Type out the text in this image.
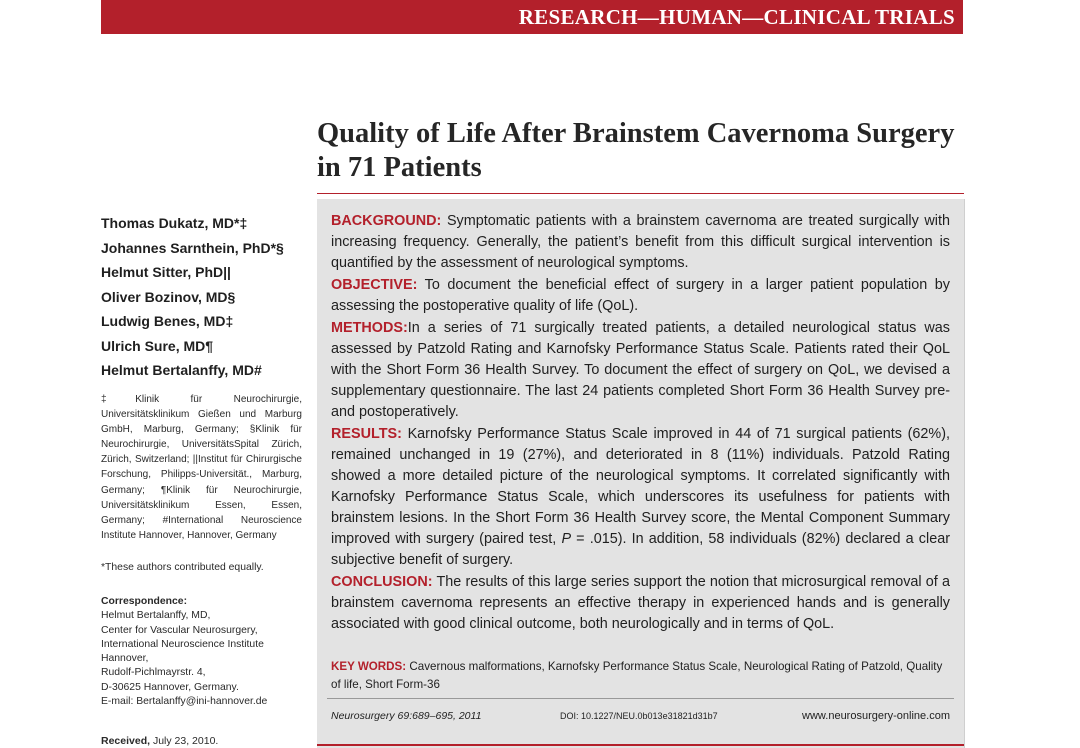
RESEARCH—HUMAN—CLINICAL TRIALS
Quality of Life After Brainstem Cavernoma Surgery in 71 Patients
Thomas Dukatz, MD*‡
Johannes Sarnthein, PhD*§
Helmut Sitter, PhD||
Oliver Bozinov, MD§
Ludwig Benes, MD‡
Ulrich Sure, MD¶
Helmut Bertalanffy, MD#

‡Klinik für Neurochirurgie, Universitätsklinikum Gießen und Marburg GmbH, Marburg, Germany; §Klinik für Neurochirurgie, UniversitätsSpital Zürich, Zürich, Switzerland; ||Institut für Chirurgische Forschung, Philipps-Universität., Marburg, Germany; ¶Klinik für Neurochirurgie, Universitätsklinikum Essen, Essen, Germany; #International Neuroscience Institute Hannover, Hannover, Germany

*These authors contributed equally.

Correspondence:
Helmut Bertalanffy, MD,
Center for Vascular Neurosurgery,
International Neuroscience Institute
Hannover,
Rudolf-Pichlmayrstr. 4,
D-30625 Hannover, Germany.
E-mail: Bertalanffy@ini-hannover.de
Received, July 23, 2010.

BACKGROUND: Symptomatic patients with a brainstem cavernoma are treated surgically with increasing frequency. Generally, the patient’s benefit from this difficult surgical intervention is quantified by the assessment of neurological symptoms.

OBJECTIVE: To document the beneficial effect of surgery in a larger patient population by assessing the postoperative quality of life (QoL).

METHODS:In a series of 71 surgically treated patients, a detailed neurological status was assessed by Patzold Rating and Karnofsky Performance Status Scale. Patients rated their QoL with the Short Form 36 Health Survey. To document the effect of surgery on QoL, we devised a supplementary questionnaire. The last 24 patients completed Short Form 36 Health Survey pre- and postoperatively.

RESULTS: Karnofsky Performance Status Scale improved in 44 of 71 surgical patients (62%), remained unchanged in 19 (27%), and deteriorated in 8 (11%) individuals. Patzold Rating showed a more detailed picture of the neurological symptoms. It correlated significantly with Karnofsky Performance Status Scale, which underscores its usefulness for patients with brainstem lesions. In the Short Form 36 Health Survey score, the Mental Component Summary improved with surgery (paired test, P = .015). In addition, 58 individuals (82%) declared a clear subjective benefit of surgery.

CONCLUSION: The results of this large series support the notion that microsurgical removal of a brainstem cavernoma represents an effective therapy in experienced hands and is generally associated with good clinical outcome, both neurologically and in terms of QoL.

KEY WORDS: Cavernous malformations, Karnofsky Performance Status Scale, Neurological Rating of Patzold, Quality of life, Short Form-36
Neurosurgery 69:689–695, 2011	DOI: 10.1227/NEU.0b013e31821d31b7	www.neurosurgery-online.com
